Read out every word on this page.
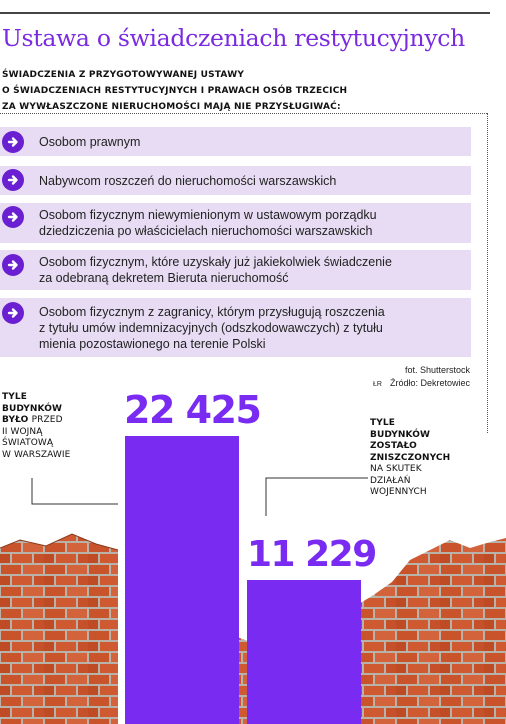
Ustawa o świadczeniach restytucyjnych
ŚWIADCZENIA Z PRZYGOTOWYWANEJ USTAWY
O ŚWIADCZENIACH RESTYTUCYJNYCH I PRAWACH OSÓB TRZECICH
ZA WYWŁASZCZONE NIERUCHOMOŚCI MAJĄ NIE PRZYSŁUGIWAĆ:
Osobom prawnym
Nabywcom roszczeń do nieruchomości warszawskich
Osobom fizycznym niewymienionym w ustawowym porządku
dziedziczenia po właścicielach nieruchomości warszawskich
Osobom fizycznym, które uzyskały już jakiekolwiek świadczenie
za odebraną dekretem Bieruta nieruchomość
Osobom fizycznym z zagranicy, którym przysługują roszczenia
z tytułu umów indemnizacyjnych (odszkodowawczych) z tytułu
mienia pozostawionego na terenie Polski
fot. Shutterstock
ŁR Źródło: Dekretowiec
22 425
11 229
TYLE
BUDYNKÓW
BYŁO PRZED
II WOJNĄ
ŚWIATOWĄ
W WARSZAWIE
TYLE
BUDYNKÓW
ZOSTAŁO
ZNISZCZONYCH
NA SKUTEK
DZIAŁAŃ
WOJENNYCH
